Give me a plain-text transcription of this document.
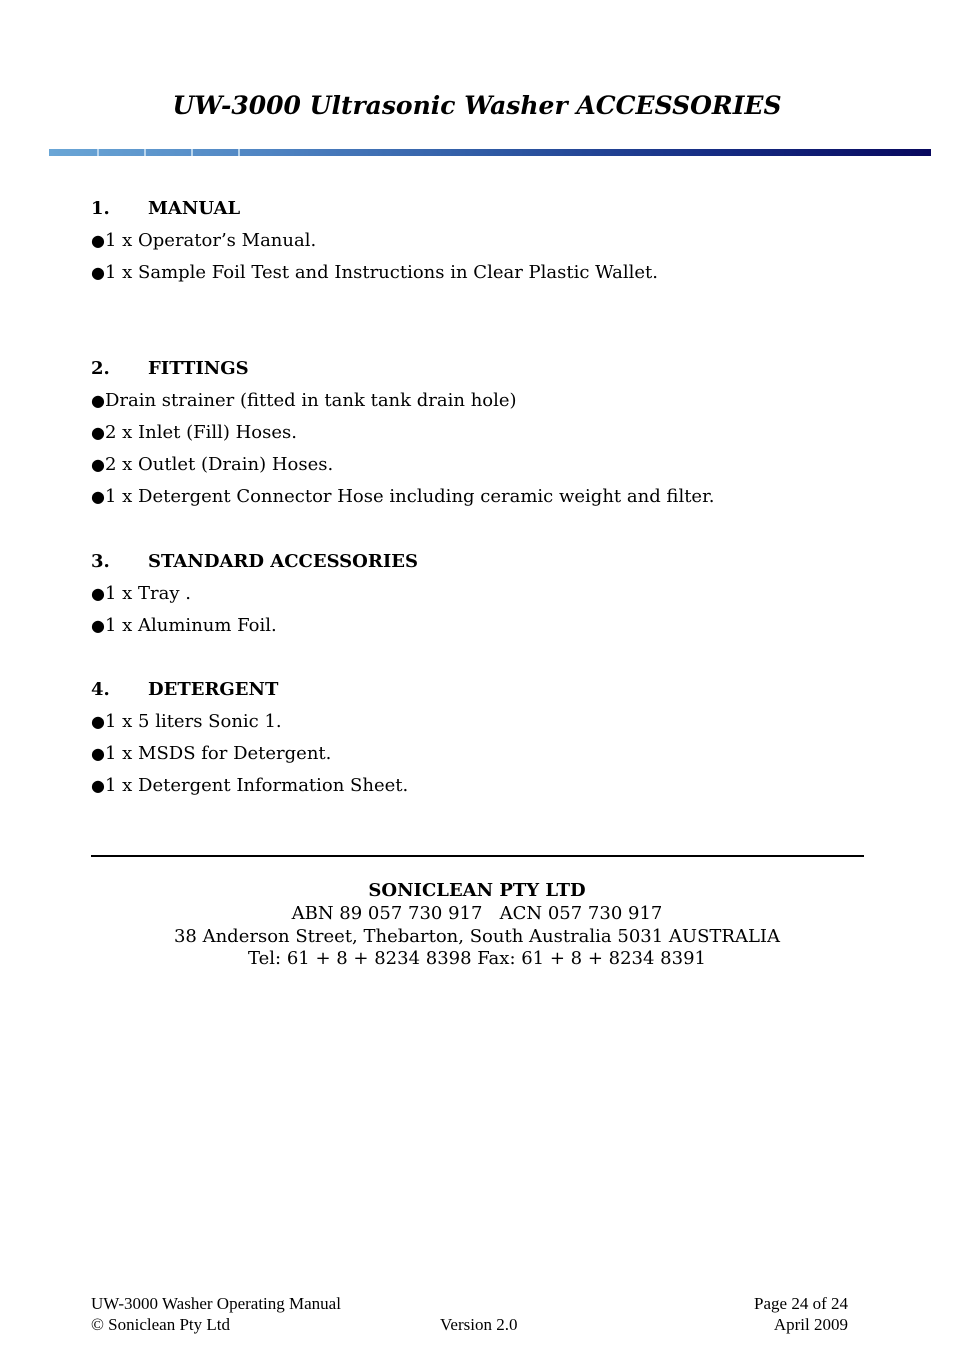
UW-3000 Ultrasonic Washer ACCESSORIES
1.	MANUAL
●1 x Operator’s Manual.
●1 x Sample Foil Test and Instructions in Clear Plastic Wallet.
2.	FITTINGS
●Drain strainer (fitted in tank tank drain hole)
●2 x Inlet (Fill) Hoses.
●2 x Outlet (Drain) Hoses.
●1 x Detergent Connector Hose including ceramic weight and filter.
3.	STANDARD ACCESSORIES
●1 x Tray .
●1 x Aluminum Foil.
4.	DETERGENT
●1 x 5 liters Sonic 1.
●1 x MSDS for Detergent.
●1 x Detergent Information Sheet.
SONICLEAN PTY LTD
ABN 89 057 730 917   ACN 057 730 917
38 Anderson Street, Thebarton, South Australia 5031 AUSTRALIA
Tel: 61 + 8 + 8234 8398 Fax: 61 + 8 + 8234 8391
UW-3000 Washer Operating Manual
© Soniclean Pty Ltd	Version 2.0
Page 24 of 24
April 2009
